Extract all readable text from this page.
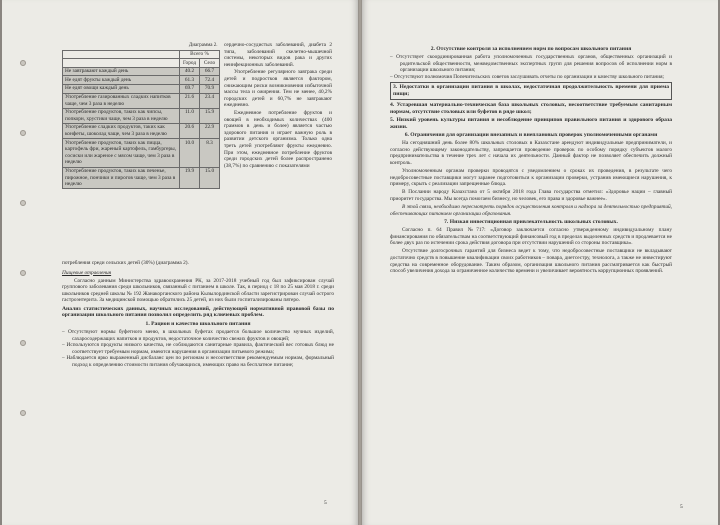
Диаграмма 2.		
	Всего %	
	Город	Село
Не завтракают каждый день	40.2	66.7
Не едят фрукты каждый день	61.3	72.4
Не едят овощи каждый день	69.7	70.9
Употребление газированных сладких напитков чаще, чем 3 раза в неделю	21.6	23.4
Употребление продуктов, таких как чипсы, попкорн, хрустики чаще, чем 3 раза в неделю	11.0	15.9
Употребление сладких продуктов, таких как конфеты, шоколад чаще, чем 3 раза в неделю	20.6	22.9
Употребление продуктов, таких как пицца, картофель фри, жареный картофель, гамбургеры, сосиски или жареное с мясом чаще, чем 3 раза в неделю	10.0	8.3
Употребление продуктов, таких как печенье, пирожное, пончики и пирогов чаще, чем 3 раза в неделю	19.9	15.0

сердечно-сосудистых заболеваний, диабета 2 типа, заболеваний скелетно-мышечной системы, некоторых видов рака и других неинфекционных заболеваний.

Употребление регулярного завтрака среди детей и подростков является фактором, снижающим риски возникновения избыточной массы тела и ожирения. Тем не менее, 40,2% городских детей и 60,7% не завтракают ежедневно.

Ежедневное потребление фруктов и овощей в необходимых количествах (400 граммов в день и более) является частью здорового питания и играет важную роль в развитии детского организма. Только одна треть детей употребляют фрукты ежедневно. При этом, ежедневное потребление фруктов среди городских детей более распространено (38,7%) по сравнению с показателями

потребления среди сельских детей (30%) (диаграмма 2).

Пищевые отравления

Согласно данным Министерства здравоохранения РК, за 2017-2018 учебный год был зафиксирован случай группового заболевания среди школьников, связанный с питанием в школе. Так, в период с 18 по 25 мая 2018 г. среди школьников средней школы № 192 Жанакорганского района Кызылординской области зарегистрирован случай острого гастроэнтерита. За медицинской помощью обратились 25 детей, из них были госпитализированы пятеро.

Анализ статистических данных, научных исследований, действующей нормативной правовой базы по организации школьного питания позволил определить ряд ключевых проблем.
1. Рацион и качество школьного питания
– Отсутствуют нормы буфетного меню, в школьных буфетах продается большое количество мучных изделий, сахаросодержащих напитков и продуктов, недостаточное количество свежих фруктов и овощей;
– Используются продукты низкого качества, не соблюдаются санитарные правила, фактический вес готовых блюд не соответствует требуемым нормам, имеются нарушения в организации питьевого режима;
– Наблюдается ярко выраженный дисбаланс цен по регионам и несоответствие рекомендуемым нормам, формальный подход к определению стоимости питания обучающихся, имеющих право на бесплатное питание;
5
2. Отсутствие контроля за исполнением норм по вопросам школьного питания
– Отсутствует скоординированная работа уполномоченных государственных органов, общественных организаций и родительской общественности, межведомственных экспертных групп для решения вопросов об исполнении норм в организации школьного питания;
– Отсутствуют полномочия Попечительских советов заслушивать отчеты по организации и качеству школьного питания;
3. Недостатки в организации питания в школах, недостаточная продолжительность времени для приема пищи;
4. Устаревшая материально-техническая база школьных столовых, несоответствие требуемым санитарным нормам, отсутствие столовых или буфетов в ряде школ;
5. Низкий уровень культуры питания и несоблюдение принципов правильного питания и здорового образа жизни.
6. Ограничения для организации внезапных и внеплановых проверок уполномоченными органами

На сегодняшний день более 80% школьных столовых в Казахстане арендуют индивидуальные предприниматели, и согласно действующему законодательству, запрещается проведение проверок по особому порядку субъектов малого предпринимательства в течение трех лет с начала их деятельности. Данный фактор не позволяет обеспечить должный контроль.

Уполномоченным органам проверки проводятся с уведомлением о сроках их проведения, в результате чего недобросовестные поставщики могут заранее подготовиться к организации проверки, устранив имеющиеся нарушения, к примеру, скрыть с реализации запрещенные блюда.

В Послании народу Казахстана от 5 октября 2018 года Глава государства отметил: «Здоровье нации – главный приоритет государства. Мы всегда помогаем бизнесу, но человек, его права и здоровье важнее».

В этой связи, необходимо пересмотреть порядок осуществления контроля и надзора за деятельностью предприятий, обеспечивающих питанием организации образования.

7. Низкая инвестиционная привлекательность школьных столовых.

Согласно п. 64 Правил №717: «Договор заключается согласно утвержденному индивидуальному плану финансирования по обязательствам на соответствующий финансовый год в пределах выделенных средств и продлевается не более двух раз по истечении срока действия договора при отсутствии нарушений со стороны поставщика».

Отсутствие долгосрочных гарантий для бизнеса ведет к тому, что недобросовестные поставщики не вкладывают достаточно средств в повышение квалификации своих работников – повара, диетсестру, технолога, а также не инвестируют средства на современное оборудование. Таким образом, организация школьного питания рассматривается как быстрый способ увеличения дохода за ограниченное количество времени и увеличивает вероятность коррупционных проявлений.

5
